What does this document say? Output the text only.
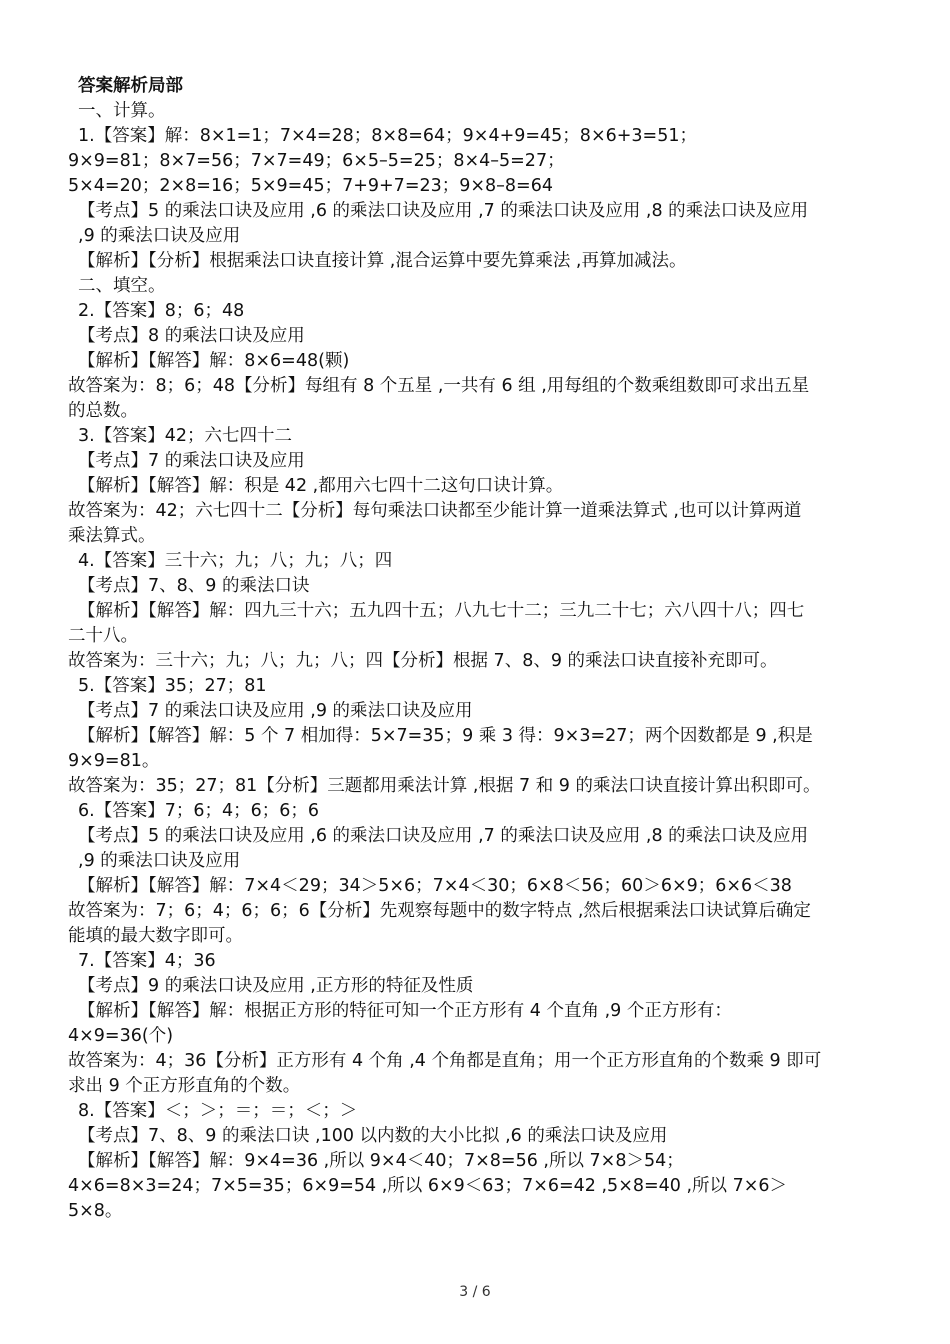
答案解析局部
一、计算。
1.【答案】解：8×1=1；7×4=28；8×8=64；9×4+9=45；8×6+3=51；
9×9=81；8×7=56；7×7=49；6×5–5=25；8×4–5=27；
5×4=20；2×8=16；5×9=45；7+9+7=23；9×8–8=64
【考点】5 的乘法口诀及应用 ,6 的乘法口诀及应用 ,7 的乘法口诀及应用 ,8 的乘法口诀及应用
,9 的乘法口诀及应用
【解析】【分析】根据乘法口诀直接计算 ,混合运算中要先算乘法 ,再算加减法。
二、填空。
2.【答案】8；6；48
【考点】8 的乘法口诀及应用
【解析】【解答】解：8×6=48(颗)
故答案为：8；6；48【分析】每组有 8 个五星 ,一共有 6 组 ,用每组的个数乘组数即可求出五星
的总数。
3.【答案】42；六七四十二
【考点】7 的乘法口诀及应用
【解析】【解答】解：积是 42 ,都用六七四十二这句口诀计算。
故答案为：42；六七四十二【分析】每句乘法口诀都至少能计算一道乘法算式 ,也可以计算两道
乘法算式。
4.【答案】三十六；九；八；九；八；四
【考点】7、8、9 的乘法口诀
【解析】【解答】解：四九三十六；五九四十五；八九七十二；三九二十七；六八四十八；四七
二十八。
故答案为：三十六；九；八；九；八；四【分析】根据 7、8、9 的乘法口诀直接补充即可。
5.【答案】35；27；81
【考点】7 的乘法口诀及应用 ,9 的乘法口诀及应用
【解析】【解答】解：5 个 7 相加得：5×7=35；9 乘 3 得：9×3=27；两个因数都是 9 ,积是
9×9=81。
故答案为：35；27；81【分析】三题都用乘法计算 ,根据 7 和 9 的乘法口诀直接计算出积即可。
6.【答案】7；6；4；6；6；6
【考点】5 的乘法口诀及应用 ,6 的乘法口诀及应用 ,7 的乘法口诀及应用 ,8 的乘法口诀及应用
,9 的乘法口诀及应用
【解析】【解答】解：7×4＜29；34＞5×6；7×4＜30；6×8＜56；60＞6×9；6×6＜38
故答案为：7；6；4；6；6；6【分析】先观察每题中的数字特点 ,然后根据乘法口诀试算后确定
能填的最大数字即可。
7.【答案】4；36
【考点】9 的乘法口诀及应用 ,正方形的特征及性质
【解析】【解答】解：根据正方形的特征可知一个正方形有 4 个直角 ,9 个正方形有：
4×9=36(个)
故答案为：4；36【分析】正方形有 4 个角 ,4 个角都是直角；用一个正方形直角的个数乘 9 即可
求出 9 个正方形直角的个数。
8.【答案】＜；＞；＝；＝；＜；＞
【考点】7、8、9 的乘法口诀 ,100 以内数的大小比拟 ,6 的乘法口诀及应用
【解析】【解答】解：9×4=36 ,所以 9×4＜40；7×8=56 ,所以 7×8＞54；
4×6=8×3=24；7×5=35；6×9=54 ,所以 6×9＜63；7×6=42 ,5×8=40 ,所以 7×6＞
5×8。
3 / 6
